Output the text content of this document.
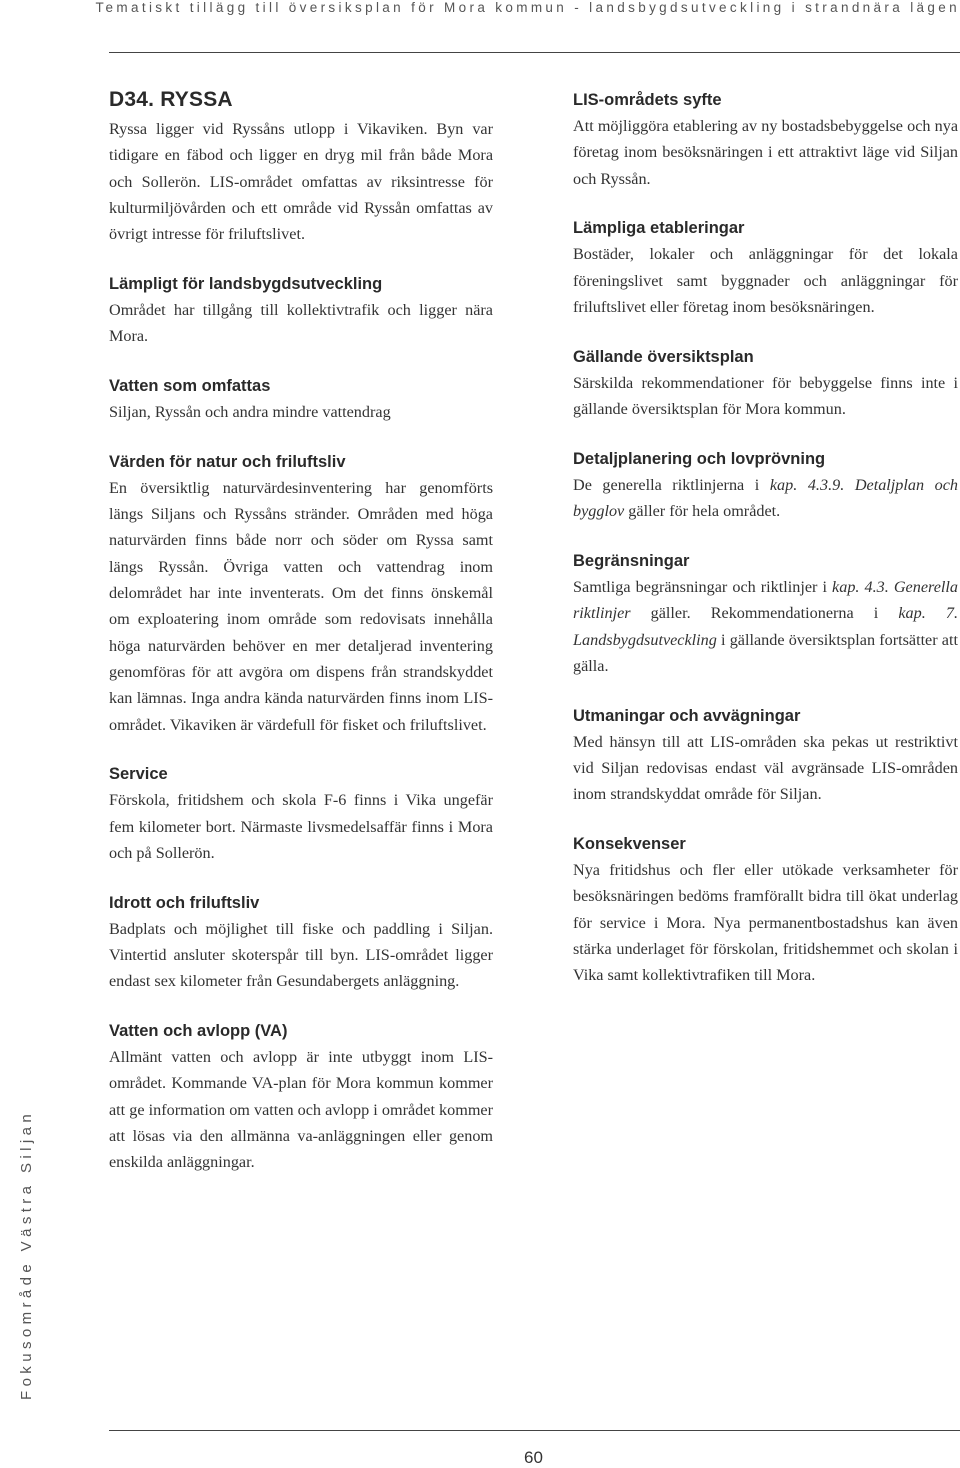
Tematiskt tillägg till översiksplan för Mora kommun - landsbygdsutveckling i strandnära lägen
Fokusområde Västra Siljan
D34. RYSSA

Ryssa ligger vid Ryssåns utlopp i Vikaviken. Byn var tidigare en fäbod och ligger en dryg mil från både Mora och Sollerön. LIS-området omfattas av riksintresse för kulturmiljövården och ett område vid Ryssån omfattas av övrigt intresse för friluftslivet.

Lämpligt för landsbygdsutveckling

Området har tillgång till kollektivtrafik och ligger nära Mora.

Vatten som omfattas

Siljan, Ryssån och andra mindre vattendrag

Värden för natur och friluftsliv

En översiktlig naturvärdesinventering har genomförts längs Siljans och Ryssåns stränder. Områden med höga naturvärden finns både norr och söder om Ryssa samt längs Ryssån. Övriga vatten och vattendrag inom delområdet har inte inventerats. Om det finns önskemål om exploatering inom område som redovisats innehålla höga naturvärden behöver en mer detaljerad inventering genomföras för att avgöra om dispens från strandskyddet kan lämnas. Inga andra kända naturvärden finns inom LIS-området. Vikaviken är värdefull för fisket och friluftslivet.

Service

Förskola, fritidshem och skola F-6 finns i Vika ungefär fem kilometer bort. Närmaste livsmedelsaffär finns i Mora och på Sollerön.

Idrott och friluftsliv

Badplats och möjlighet till fiske och paddling i Siljan. Vintertid ansluter skoterspår till byn. LIS-området ligger endast sex kilometer från Gesundabergets anläggning.

Vatten och avlopp (VA)

Allmänt vatten och avlopp är inte utbyggt inom LIS-området. Kommande VA-plan för Mora kommun kommer att ge information om vatten och avlopp i området kommer att lösas via den allmänna va-anläggningen eller genom enskilda anläggningar.

LIS-områdets syfte

Att möjliggöra etablering av ny bostadsbebyggelse och nya företag inom besöksnäringen i ett attraktivt läge vid Siljan och Ryssån.

Lämpliga etableringar

Bostäder, lokaler och anläggningar för det lokala föreningslivet samt byggnader och anläggningar för friluftslivet eller företag inom besöksnäringen.

Gällande översiktsplan

Särskilda rekommendationer för bebyggelse finns inte i gällande översiktsplan för Mora kommun.

Detaljplanering och lovprövning

De generella riktlinjerna i kap. 4.3.9. Detaljplan och bygglov gäller för hela området.

Begränsningar

Samtliga begränsningar och riktlinjer i kap. 4.3. Generella riktlinjer gäller. Rekommendationerna i kap. 7. Landsbygdsutveckling i gällande översiktsplan fortsätter att gälla.

Utmaningar och avvägningar

Med hänsyn till att LIS-områden ska pekas ut restriktivt vid Siljan redovisas endast väl avgränsade LIS-områden inom strandskyddat område för Siljan.

Konsekvenser

Nya fritidshus och fler eller utökade verksamheter för besöksnäringen bedöms framförallt bidra till ökat underlag för service i Mora. Nya permanentbostadshus kan även stärka underlaget för förskolan, fritidshemmet och skolan i Vika samt kollektivtrafiken till Mora.

60
